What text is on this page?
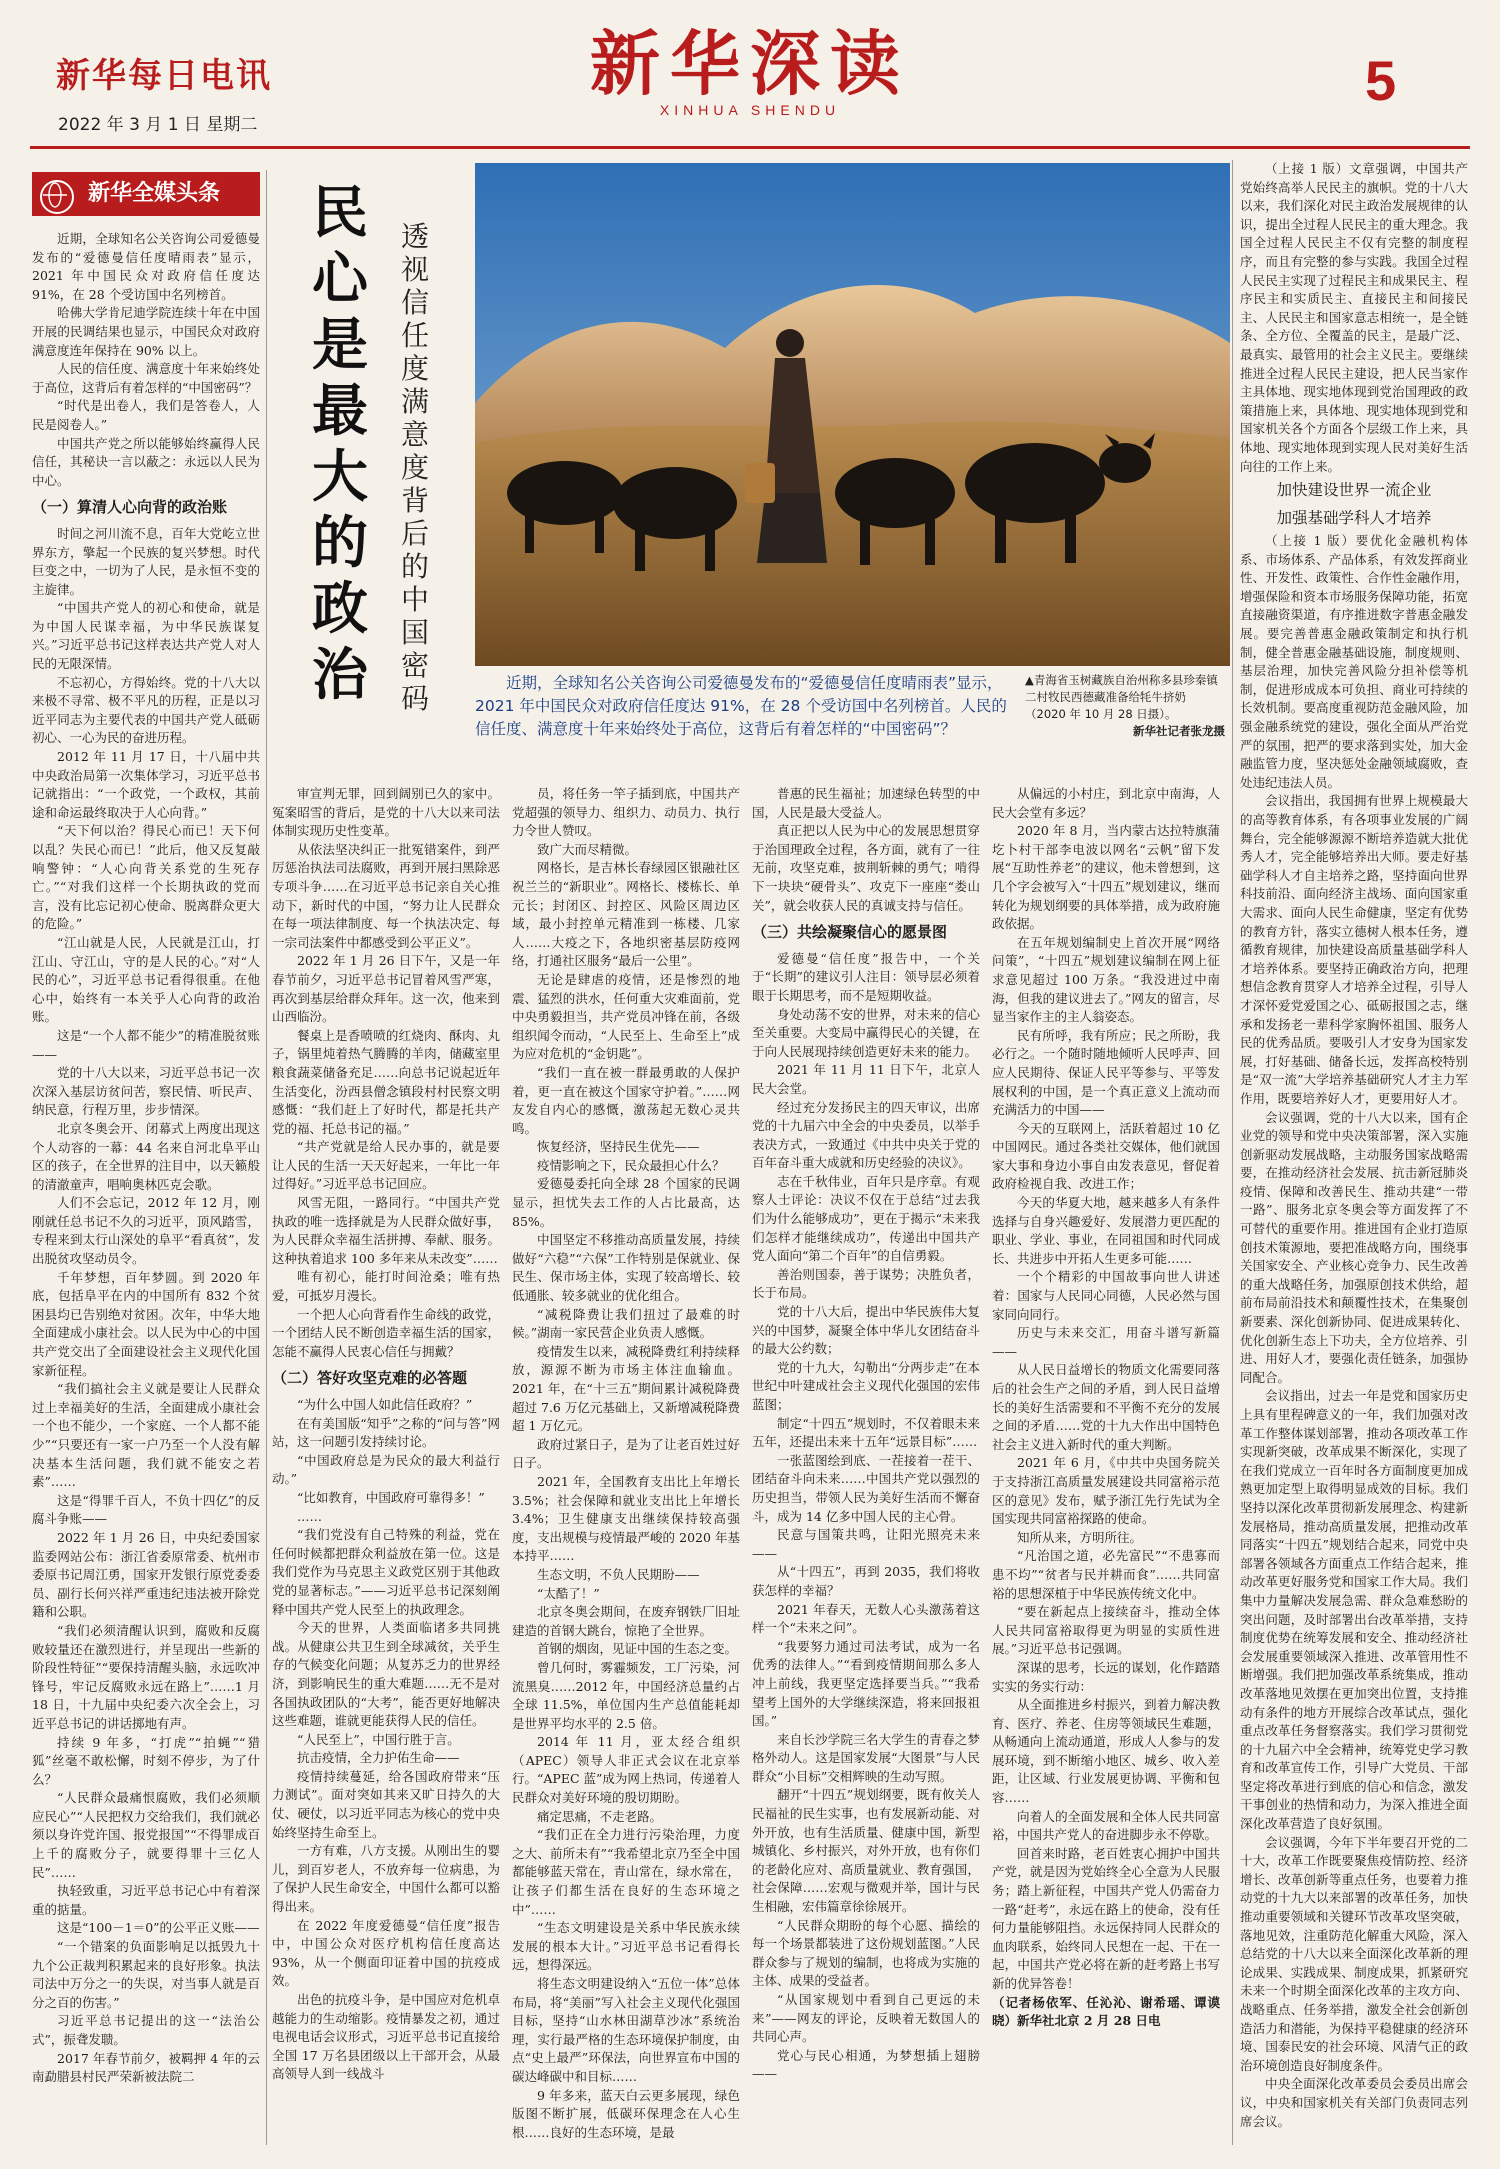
新华每日电讯
2022 年 3 月 1 日 星期二
新华深读
XINHUA SHENDU	5
新华全媒头条	民心是最大的政治
透视信任度满意度背后的中国密码	近期，全球知名公关咨询公司爱德曼发布的“爱德曼信任度晴雨表”显示，2021 年中国民众对政府信任度达 91%，在 28 个受访国中名列榜首。人民的信任度、满意度十年来始终处于高位，这背后有着怎样的“中国密码”？
▲青海省玉树藏族自治州称多县珍秦镇二村牧民西德藏准备给牦牛挤奶（2020 年 10 月 28 日摄）。
新华社记者张龙摄

近期，全球知名公关咨询公司爱德曼发布的“爱德曼信任度晴雨表”显示，2021 年中国民众对政府信任度达 91%，在 28 个受访国中名列榜首。

哈佛大学肯尼迪学院连续十年在中国开展的民调结果也显示，中国民众对政府满意度连年保持在 90% 以上。

人民的信任度、满意度十年来始终处于高位，这背后有着怎样的“中国密码”？

“时代是出卷人，我们是答卷人，人民是阅卷人。”

中国共产党之所以能够始终赢得人民信任，其秘诀一言以蔽之：永远以人民为中心。

（一）算清人心向背的政治账

时间之河川流不息，百年大党屹立世界东方，擎起一个民族的复兴梦想。时代巨变之中，一切为了人民，是永恒不变的主旋律。

“中国共产党人的初心和使命，就是为中国人民谋幸福，为中华民族谋复兴。”习近平总书记这样表达共产党人对人民的无限深情。

不忘初心，方得始终。党的十八大以来极不寻常、极不平凡的历程，正是以习近平同志为主要代表的中国共产党人砥砺初心、一心为民的奋进历程。

2012 年 11 月 17 日，十八届中共中央政治局第一次集体学习，习近平总书记就指出：“一个政党，一个政权，其前途和命运最终取决于人心向背。”

“天下何以治？得民心而已！天下何以乱？失民心而已！”此后，他又反复敲响警钟：“人心向背关系党的生死存亡。”“对我们这样一个长期执政的党而言，没有比忘记初心使命、脱离群众更大的危险。”

“江山就是人民，人民就是江山，打江山、守江山，守的是人民的心。”对“人民的心”，习近平总书记看得很重。在他心中，始终有一本关乎人心向背的政治账。

这是“一个人都不能少”的精准脱贫账——

党的十八大以来，习近平总书记一次次深入基层访贫问苦，察民情、听民声、纳民意，行程万里，步步情深。

北京冬奥会开、闭幕式上两度出现这个人动容的一幕：44 名来自河北阜平山区的孩子，在全世界的注目中，以天籁般的清澈童声，唱响奥林匹克会歌。

人们不会忘记，2012 年 12 月，刚刚就任总书记不久的习近平，顶风踏雪，专程来到太行山深处的阜平“看真贫”，发出脱贫攻坚动员令。

千年梦想，百年梦圆。到 2020 年底，包括阜平在内的中国所有 832 个贫困县均已告别绝对贫困。次年，中华大地全面建成小康社会。以人民为中心的中国共产党交出了全面建设社会主义现代化国家新征程。

“我们搞社会主义就是要让人民群众过上幸福美好的生活，全面建成小康社会一个也不能少，一个家庭、一个人都不能少”“只要还有一家一户乃至一个人没有解决基本生活问题，我们就不能安之若素”……

这是“得罪千百人，不负十四亿”的反腐斗争账——

2022 年 1 月 26 日，中央纪委国家监委网站公布：浙江省委原常委、杭州市委原书记周江勇，国家开发银行原党委委员、副行长何兴祥严重违纪违法被开除党籍和公职。

“我们必须清醒认识到，腐败和反腐败较量还在激烈进行，并呈现出一些新的阶段性特征”“要保持清醒头脑，永远吹冲锋号，牢记反腐败永远在路上”……1 月 18 日，十九届中央纪委六次全会上，习近平总书记的讲话掷地有声。

持续 9 年多，“打虎”“拍蝇”“猎狐”丝毫不敢松懈，时刻不停步，为了什么？

“人民群众最痛恨腐败，我们必须顺应民心”“人民把权力交给我们，我们就必须以身许党许国、报党报国”“不得罪成百上千的腐败分子，就要得罪十三亿人民”……

执轻致重，习近平总书记心中有着深重的掂量。

这是“100－1＝0”的公平正义账——

“一个错案的负面影响足以抵毁九十九个公正裁判积累起来的良好形象。执法司法中万分之一的失误，对当事人就是百分之百的伤害。”

习近平总书记提出的这一“法治公式”，振聋发聩。

2017 年春节前夕，被羁押 4 年的云南勐腊县村民严荣新被法院二

审宣判无罪，回到阔别已久的家中。冤案昭雪的背后，是党的十八大以来司法体制实现历史性变革。

从依法坚决纠正一批冤错案件，到严厉惩治执法司法腐败，再到开展扫黑除恶专项斗争……在习近平总书记亲自关心推动下，新时代的中国，“努力让人民群众在每一项法律制度、每一个执法决定、每一宗司法案件中都感受到公平正义”。

2022 年 1 月 26 日下午，又是一年春节前夕，习近平总书记冒着风雪严寒，再次到基层给群众拜年。这一次，他来到山西临汾。

餐桌上是香喷喷的红烧肉、酥肉、丸子，锅里炖着热气腾腾的羊肉，储藏室里粮食蔬菜储备充足……向总书记说起近年生活变化，汾西县僧念镇段村村民察文明感慨：“我们赶上了好时代，都是托共产党的福、托总书记的福。”

“共产党就是给人民办事的，就是要让人民的生活一天天好起来，一年比一年过得好。”习近平总书记回应。

风雪无阻，一路同行。“中国共产党执政的唯一选择就是为人民群众做好事，为人民群众幸福生活拼搏、奉献、服务。这种执着追求 100 多年来从未改变”……

唯有初心，能打时间沧桑；唯有热爱，可抵岁月漫长。

一个把人心向背看作生命线的政党，一个团结人民不断创造幸福生活的国家，怎能不赢得人民衷心信任与拥戴？

（二）答好攻坚克难的必答题

“为什么中国人如此信任政府？”

在有美国版“知乎”之称的“问与答”网站，这一问题引发持续讨论。

“中国政府总是为民众的最大利益行动。”

“比如教育，中国政府可靠得多！”

……

“我们党没有自己特殊的利益，党在任何时候都把群众利益放在第一位。这是我们党作为马克思主义政党区别于其他政党的显著标志。”——习近平总书记深刻阐释中国共产党人民至上的执政理念。

今天的世界，人类面临诸多共同挑战。从健康公共卫生到全球减贫，关乎生存的气候变化问题；从复苏乏力的世界经济，到影响民生的重大难题……无不是对各国执政团队的“大考”，能否更好地解决这些难题，谁就更能获得人民的信任。

“人民至上”，中国行胜于言。

抗击疫情，全力护佑生命——

疫情持续蔓延，给各国政府带来“压力测试”。面对突如其来又旷日持久的大仗、硬仗，以习近平同志为核心的党中央始终坚持生命至上。

一方有难，八方支援。从刚出生的婴儿，到百岁老人，不放弃每一位病患，为了保护人民生命安全，中国什么都可以豁得出来。

在 2022 年度爱德曼“信任度”报告中，中国公众对医疗机构信任度高达 93%，从一个侧面印证着中国的抗疫成效。

出色的抗疫斗争，是中国应对危机卓越能力的生动缩影。疫情暴发之初，通过电视电话会议形式，习近平总书记直接给全国 17 万名县团级以上干部开会，从最高领导人到一线战斗

员，将任务一竿子插到底，中国共产党超强的领导力、组织力、动员力、执行力令世人赞叹。

致广大而尽精微。

网格长，是吉林长春绿园区银融社区祝兰兰的“新职业”。网格长、楼栋长、单元长；封闭区、封控区、风险区周边区域，最小封控单元精准到一栋楼、几家人……大疫之下，各地织密基层防疫网络，打通社区服务“最后一公里”。

无论是肆虐的疫情，还是惨烈的地震、猛烈的洪水，任何重大灾难面前，党中央勇毅担当，共产党员冲锋在前，各级组织闻令而动，“人民至上、生命至上”成为应对危机的“金钥匙”。

“我们一直在被一群最勇敢的人保护着，更一直在被这个国家守护着。”……网友发自内心的感慨，激荡起无数心灵共鸣。

恢复经济，坚持民生优先——

疫情影响之下，民众最担心什么？

爱德曼委托向全球 28 个国家的民调显示，担忧失去工作的人占比最高，达 85%。

中国坚定不移推动高质量发展，持续做好“六稳”“六保”工作特别是保就业、保民生、保市场主体，实现了较高增长、较低通胀、较多就业的优化组合。

“减税降费让我们扭过了最难的时候。”湖南一家民营企业负责人感慨。

疫情发生以来，减税降费红利持续释放，源源不断为市场主体注血输血。2021 年，在“十三五”期间累计减税降费超过 7.6 万亿元基础上，又新增减税降费超 1 万亿元。

政府过紧日子，是为了让老百姓过好日子。

2021 年，全国教育支出比上年增长 3.5%；社会保障和就业支出比上年增长 3.4%；卫生健康支出继续保持较高强度，支出规模与疫情最严峻的 2020 年基本持平……

生态文明，不负人民期盼——

“太酷了！”

北京冬奥会期间，在废弃钢铁厂旧址建造的首钢大跳台，惊艳了全世界。

首钢的烟囱，见证中国的生态之变。

曾几何时，雾霾频发，工厂污染，河流黑臭……2012 年，中国经济总量约占全球 11.5%，单位国内生产总值能耗却是世界平均水平的 2.5 倍。

2014 年 11 月，亚太经合组织（APEC）领导人非正式会议在北京举行。“APEC 蓝”成为网上热词，传递着人民群众对美好环境的殷切期盼。

痛定思痛，不走老路。

“我们正在全力进行污染治理，力度之大、前所未有”“我希望北京乃至全中国都能够蓝天常在，青山常在，绿水常在，让孩子们都生活在良好的生态环境之中”……

“生态文明建设是关系中华民族永续发展的根本大计。”习近平总书记看得长远，想得深远。

将生态文明建设纳入“五位一体”总体布局，将“美丽”写入社会主义现代化强国目标，坚持“山水林田湖草沙冰”系统治理，实行最严格的生态环境保护制度，由点“史上最严”环保法，向世界宣布中国的碳达峰碳中和目标……

9 年多来，蓝天白云更多展现，绿色版图不断扩展，低碳环保理念在人心生根……良好的生态环境，是最

普惠的民生福祉；加速绿色转型的中国，人民是最大受益人。

真正把以人民为中心的发展思想贯穿于治国理政全过程，各方面，就有了一往无前，攻坚克难，披荆斩棘的勇气；啃得下一块块“硬骨头”、攻克下一座座“娄山关”，就会收获人民的真诚支持与信任。

（三）共绘凝聚信心的愿景图

爱德曼“信任度”报告中，一个关于“长期”的建议引人注目：领导层必须着眼于长期思考，而不是短期收益。

身处动荡不安的世界，对未来的信心至关重要。大变局中赢得民心的关键，在于向人民展现持续创造更好未来的能力。

2021 年 11 月 11 日下午，北京人民大会堂。

经过充分发扬民主的四天审议，出席党的十九届六中全会的中央委员，以举手表决方式，一致通过《中共中央关于党的百年奋斗重大成就和历史经验的决议》。

志在千秋伟业，百年只是序章。有观察人士评论：决议不仅在于总结“过去我们为什么能够成功”，更在于揭示“未来我们怎样才能继续成功”，传递出中国共产党人面向“第二个百年”的自信勇毅。

善治则国泰，善于谋势；决胜负者，长于布局。

党的十八大后，提出中华民族伟大复兴的中国梦，凝聚全体中华儿女团结奋斗的最大公约数；

党的十九大，勾勒出“分两步走”在本世纪中叶建成社会主义现代化强国的宏伟蓝图；

制定“十四五”规划时，不仅着眼未来五年，还提出未来十五年“远景目标”……

一张蓝图绘到底、一茬接着一茬干、团结奋斗向未来……中国共产党以强烈的历史担当，带领人民为美好生活而不懈奋斗，成为 14 亿多中国人民的主心骨。

民意与国策共鸣，让阳光照亮未来——

从“十四五”，再到 2035，我们将收获怎样的幸福？

2021 年春天，无数人心头激荡着这样一个“未来之问”。

“我要努力通过司法考试，成为一名优秀的法律人。”“看到疫情期间那么多人冲上前线，我更坚定选择要当兵。”“我希望考上国外的大学继续深造，将来回报祖国。”

来自长沙学院三名大学生的青春之梦格外动人。这是国家发展“大图景”与人民群众“小目标”交相辉映的生动写照。

翻开“十四五”规划纲要，既有攸关人民福祉的民生实事，也有发展新动能、对外开放，也有生活质量、健康中国，新型城镇化、乡村振兴，对外开放，也有你们的老龄化应对、高质量就业、教育强国，社会保障……宏观与微观并举，国计与民生相融，宏伟篇章徐徐展开。

“人民群众期盼的每个心愿、描绘的每一个场景都装进了这份规划蓝图。”人民群众参与了规划的编制，也将成为实施的主体、成果的受益者。

“从国家规划中看到自己更远的未来”——网友的评论，反映着无数国人的共同心声。

党心与民心相通，为梦想插上翅膀——

从偏远的小村庄，到北京中南海，人民大会堂有多远？

2020 年 8 月，当内蒙古达拉特旗蒲圪卜村干部李电波以网名“云帆”留下发展“互助性养老”的建议，他未曾想到，这几个字会被写入“十四五”规划建议，继而转化为规划纲要的具体举措，成为政府施政依据。

在五年规划编制史上首次开展“网络问策”，“十四五”规划建议编制在网上征求意见超过 100 万条。“我没进过中南海，但我的建议进去了。”网友的留言，尽显当家作主的主人翁姿态。

民有所呼，我有所应；民之所盼，我必行之。一个随时随地倾听人民呼声、回应人民期待、保证人民平等参与、平等发展权利的中国，是一个真正意义上流动而充满活力的中国——

今天的互联网上，活跃着超过 10 亿中国网民。通过各类社交媒体，他们就国家大事和身边小事自由发表意见，督促着政府检视自我、改进工作；

今天的华夏大地，越来越多人有条件选择与自身兴趣爱好、发展潜力更匹配的职业、学业、事业，在同祖国和时代同成长、共进步中开拓人生更多可能……

一个个精彩的中国故事向世人讲述着：国家与人民同心同德，人民必然与国家同向同行。

历史与未来交汇，用奋斗谱写新篇——

从人民日益增长的物质文化需要同落后的社会生产之间的矛盾，到人民日益增长的美好生活需要和不平衡不充分的发展之间的矛盾……党的十九大作出中国特色社会主义进入新时代的重大判断。

2021 年 6 月，《中共中央国务院关于支持浙江高质量发展建设共同富裕示范区的意见》发布，赋予浙江先行先试为全国实现共同富裕探路的使命。

知所从来，方明所往。

“凡治国之道，必先富民”“不患寡而患不均”“贫者与民并耕而食”……共同富裕的思想深植于中华民族传统文化中。

“要在新起点上接续奋斗，推动全体人民共同富裕取得更为明显的实质性进展。”习近平总书记强调。

深谋的思考，长远的谋划，化作踏踏实实的务实行动：

从全面推进乡村振兴，到着力解决教育、医疗、养老、住房等领域民生难题，从畅通向上流动通道，形成人人参与的发展环境，到不断缩小地区、城乡、收入差距，让区域、行业发展更协调、平衡和包容……

向着人的全面发展和全体人民共同富裕，中国共产党人的奋进脚步永不停歇。

回首来时路，老百姓衷心拥护中国共产党，就是因为党始终全心全意为人民服务；踏上新征程，中国共产党人仍需奋力一路“赶考”，永远在路上的使命，没有任何力量能够阻挡。永远保持同人民群众的血肉联系，始终同人民想在一起、干在一起，中国共产党必将在新的赶考路上书写新的优异答卷！

（记者杨依军、任沁沁、谢希瑶、谭谟晓）新华社北京 2 月 28 日电

（上接 1 版）文章强调，中国共产党始终高举人民民主的旗帜。党的十八大以来，我们深化对民主政治发展规律的认识，提出全过程人民民主的重大理念。我国全过程人民民主不仅有完整的制度程序，而且有完整的参与实践。我国全过程人民民主实现了过程民主和成果民主、程序民主和实质民主、直接民主和间接民主、人民民主和国家意志相统一，是全链条、全方位、全覆盖的民主，是最广泛、最真实、最管用的社会主义民主。要继续推进全过程人民民主建设，把人民当家作主具体地、现实地体现到党治国理政的政策措施上来，具体地、现实地体现到党和国家机关各个方面各个层级工作上来，具体地、现实地体现到实现人民对美好生活向往的工作上来。

加快建设世界一流企业
加强基础学科人才培养

（上接 1 版）要优化金融机构体系、市场体系、产品体系，有效发挥商业性、开发性、政策性、合作性金融作用，增强保险和资本市场服务保障功能，拓宽直接融资渠道，有序推进数字普惠金融发展。要完善普惠金融政策制定和执行机制，健全普惠金融基础设施，制度规则、基层治理，加快完善风险分担补偿等机制，促进形成成本可负担、商业可持续的长效机制。要高度重视防范金融风险，加强金融系统党的建设，强化全面从严治党严的氛围，把严的要求落到实处，加大金融监管力度，坚决惩处金融领域腐败，查处违纪违法人员。

会议指出，我国拥有世界上规模最大的高等教育体系，有各项事业发展的广阔舞台，完全能够源源不断培养造就大批优秀人才，完全能够培养出大师。要走好基础学科人才自主培养之路，坚持面向世界科技前沿、面向经济主战场、面向国家重大需求、面向人民生命健康，坚定有优势的教育方针，落实立德树人根本任务，遵循教育规律，加快建设高质量基础学科人才培养体系。要坚持正确政治方向，把理想信念教育贯穿人才培养全过程，引导人才深怀爱党爱国之心、砥砺报国之志，继承和发扬老一辈科学家胸怀祖国、服务人民的优秀品质。要吸引人才安身为国家发展，打好基础、储备长远，发挥高校特别是“双一流”大学培养基础研究人才主力军作用，既要培养好人才，更要用好人才。

会议强调，党的十八大以来，国有企业党的领导和党中央决策部署，深入实施创新驱动发展战略，主动服务国家战略需要，在推动经济社会发展、抗击新冠肺炎疫情、保障和改善民生、推动共建“一带一路”、服务北京冬奥会等方面发挥了不可替代的重要作用。推进国有企业打造原创技术策源地，要把准战略方向，围绕事关国家安全、产业核心竞争力、民生改善的重大战略任务，加强原创技术供给，超前布局前沿技术和颠覆性技术，在集聚创新要素、深化创新协同、促进成果转化、优化创新生态上下功夫，全方位培养、引进、用好人才，要强化责任链条，加强协同配合。

会议指出，过去一年是党和国家历史上具有里程碑意义的一年，我们加强对改革工作整体谋划部署，推动各项改革工作实现新突破，改革成果不断深化，实现了在我们党成立一百年时各方面制度更加成熟更加定型上取得明显成效的目标。我们坚持以深化改革贯彻新发展理念、构建新发展格局，推动高质量发展，把推动改革同落实“十四五”规划结合起来，同党中央部署各领域各方面重点工作结合起来，推动改革更好服务党和国家工作大局。我们集中力量解决发展急需、群众急难愁盼的突出问题，及时部署出台改革举措，支持制度优势在统筹发展和安全、推动经济社会发展重要领域深入推进、改革管用性不断增强。我们把加强改革系统集成，推动改革落地见效摆在更加突出位置，支持推动有条件的地方开展综合改革试点，强化重点改革任务督察落实。我们学习贯彻党的十九届六中全会精神，统筹党史学习教育和改革宣传工作，引导广大党员、干部坚定将改革进行到底的信心和信念，激发干事创业的热情和动力，为深入推进全面深化改革营造了良好氛围。

会议强调，今年下半年要召开党的二十大，改革工作既要聚焦疫情防控、经济增长、改革创新等重点任务，也要着力推动党的十九大以来部署的改革任务，加快推动重要领域和关键环节改革攻坚突破，落地见效，注重防范化解重大风险，深入总结党的十八大以来全面深化改革新的理论成果、实践成果、制度成果，抓紧研究未来一个时期全面深化改革的主攻方向、战略重点、任务举措，激发全社会创新创造活力和潜能，为保持平稳健康的经济环境、国泰民安的社会环境、风清气正的政治环境创造良好制度条件。

中央全面深化改革委员会委员出席会议，中央和国家机关有关部门负责同志列席会议。
